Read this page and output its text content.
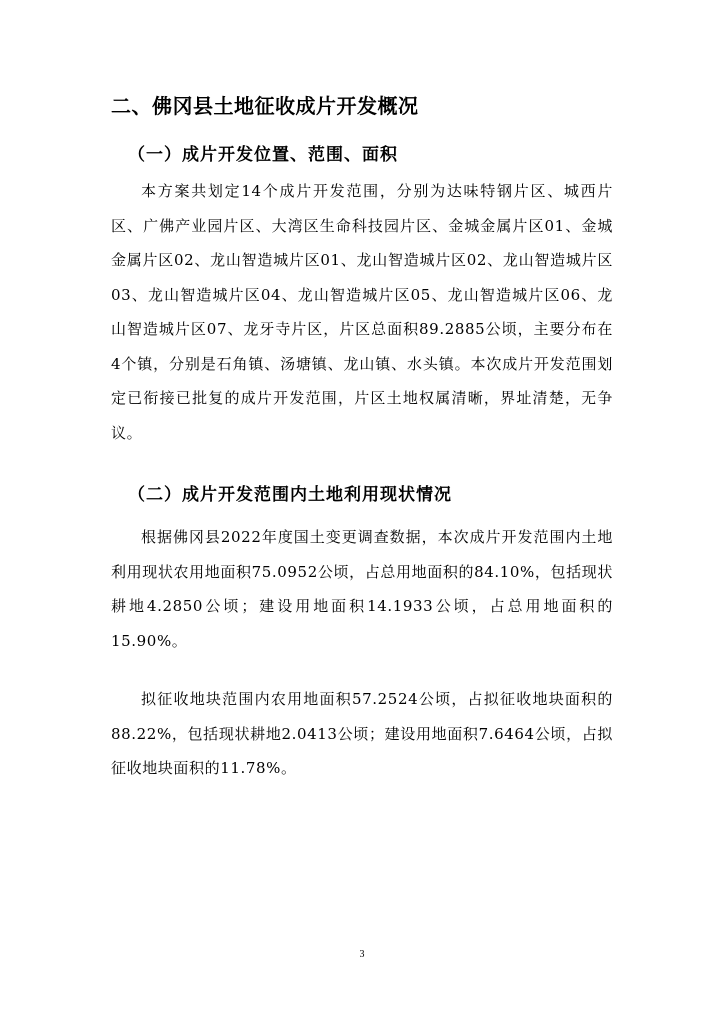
二、佛冈县土地征收成片开发概况
（一）成片开发位置、范围、面积

本方案共划定14个成片开发范围，分别为达味特钢片区、城西片区、广佛产业园片区、大湾区生命科技园片区、金城金属片区01、金城金属片区02、龙山智造城片区01、龙山智造城片区02、龙山智造城片区03、龙山智造城片区04、龙山智造城片区05、龙山智造城片区06、龙山智造城片区07、龙牙寺片区，片区总面积89.2885公顷，主要分布在4个镇，分别是石角镇、汤塘镇、龙山镇、水头镇。本次成片开发范围划定已衔接已批复的成片开发范围，片区土地权属清晰，界址清楚，无争议。

（二）成片开发范围内土地利用现状情况

根据佛冈县2022年度国土变更调查数据，本次成片开发范围内土地利用现状农用地面积75.0952公顷，占总用地面积的84.10%，包括现状耕地4.2850公顷；建设用地面积14.1933公顷，占总用地面积的15.90%。

拟征收地块范围内农用地面积57.2524公顷，占拟征收地块面积的88.22%，包括现状耕地2.0413公顷；建设用地面积7.6464公顷，占拟征收地块面积的11.78%。

3
